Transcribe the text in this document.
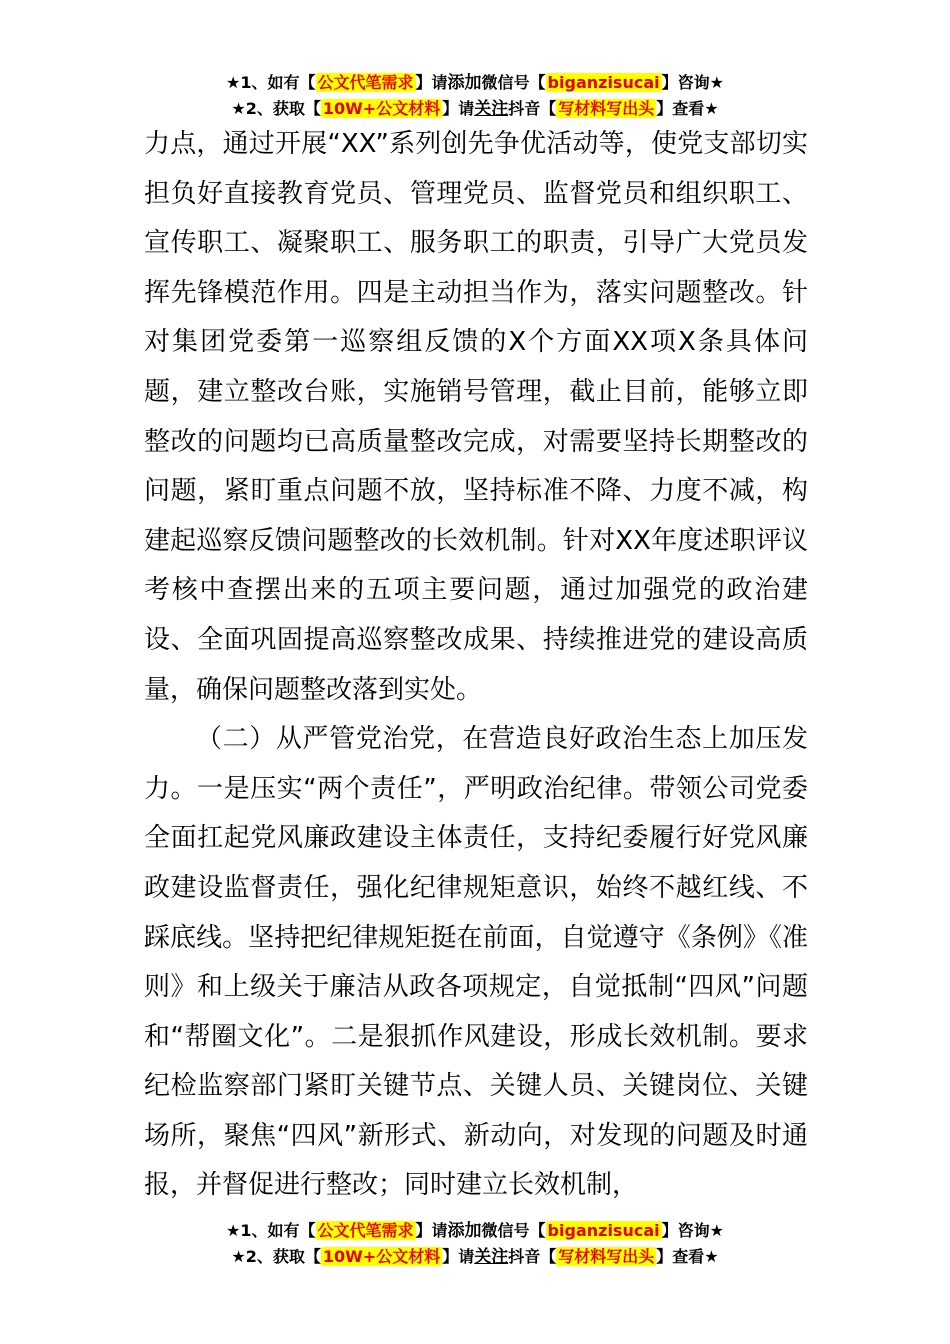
★1、如有【 公文代笔需求 】请添加微信号【 biganzisucai 】咨询★
★2、获取【 10W+公文材料 】请关注抖音【 写材料写出头 】查看★

力点，通过开展“XX”系列创先争优活动等，使党支部切实担负好直接教育党员、管理党员、监督党员和组织职工、宣传职工、凝聚职工、服务职工的职责，引导广大党员发挥先锋模范作用。四是主动担当作为，落实问题整改。针对集团党委第一巡察组反馈的X个方面XX项X条具体问题，建立整改台账，实施销号管理，截止目前，能够立即整改的问题均已高质量整改完成，对需要坚持长期整改的问题，紧盯重点问题不放，坚持标准不降、力度不减，构建起巡察反馈问题整改的长效机制。针对XX年度述职评议考核中查摆出来的五项主要问题，通过加强党的政治建设、全面巩固提高巡察整改成果、持续推进党的建设高质量，确保问题整改落到实处。

（二）从严管党治党，在营造良好政治生态上加压发力。一是压实“两个责任”，严明政治纪律。带领公司党委全面扛起党风廉政建设主体责任，支持纪委履行好党风廉政建设监督责任，强化纪律规矩意识，始终不越红线、不踩底线。坚持把纪律规矩挺在前面，自觉遵守《条例》《准则》和上级关于廉洁从政各项规定，自觉抵制“四风”问题和“帮圈文化”。二是狠抓作风建设，形成长效机制。要求纪检监察部门紧盯关键节点、关键人员、关键岗位、关键场所，聚焦“四风”新形式、新动向，对发现的问题及时通报，并督促进行整改；同时建立长效机制，

★1、如有【 公文代笔需求 】请添加微信号【 biganzisucai 】咨询★
★2、获取【 10W+公文材料 】请关注抖音【 写材料写出头 】查看★
